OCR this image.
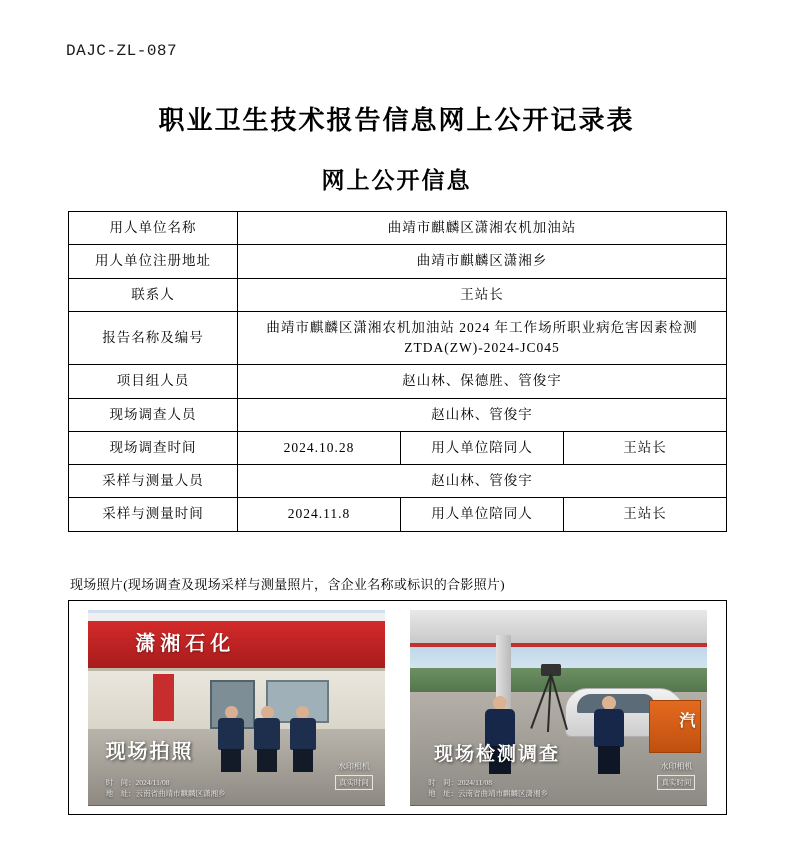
DAJC-ZL-087
职业卫生技术报告信息网上公开记录表
网上公开信息
用人单位名称	曲靖市麒麟区潇湘农机加油站		
用人单位注册地址	曲靖市麒麟区潇湘乡		
联系人	王站长		
报告名称及编号	曲靖市麒麟区潇湘农机加油站 2024 年工作场所职业病危害因素检测
ZTDA(ZW)-2024-JC045		

项目组人员	赵山林、保德胜、管俊宇		
现场调查人员	赵山林、管俊宇		
现场调查时间	2024.10.28	用人单位陪同人	王站长
采样与测量人员	赵山林、管俊宇		
采样与测量时间	2024.11.8	用人单位陪同人	王站长
现场照片(现场调查及现场采样与测量照片，含企业名称或标识的合影照片)
潇湘石化
现场拍照
时　间：2024/11/08
地　址：云南省曲靖市麒麟区潇湘乡
水印相机
真实时间
汽
现场检测调查
时　间：2024/11/08
地　址：云南省曲靖市麒麟区潇湘乡
水印相机
真实时间
